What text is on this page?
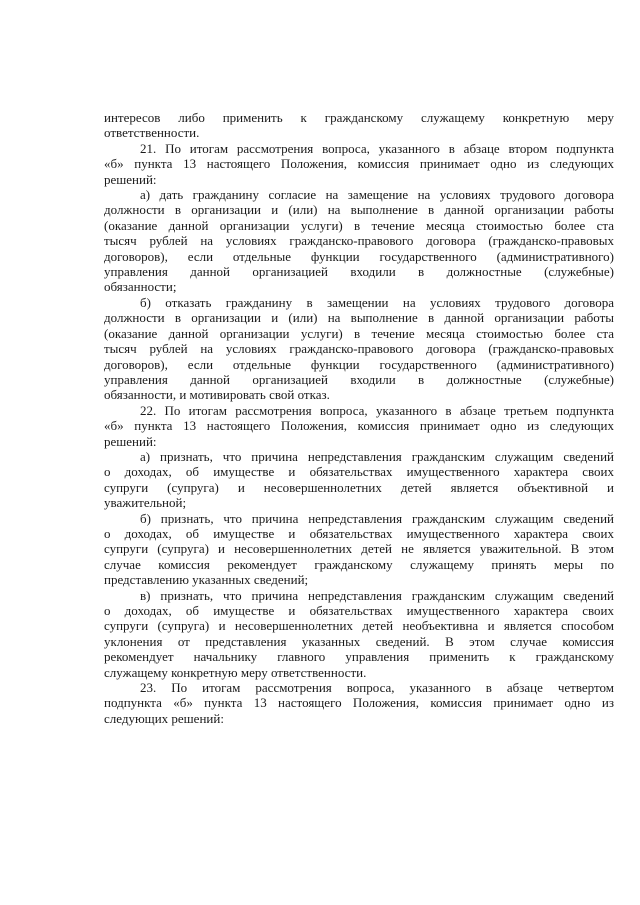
интересов либо применить к гражданскому служащему конкретную меру
ответственности.
21. По итогам рассмотрения вопроса, указанного в абзаце втором подпункта
«б» пункта 13 настоящего Положения, комиссия принимает одно из следующих
решений:
а) дать гражданину согласие на замещение на условиях трудового договора
должности в организации и (или) на выполнение в данной организации работы
(оказание данной организации услуги) в течение месяца стоимостью более ста
тысяч рублей на условиях гражданско-правового договора (гражданско-правовых
договоров), если отдельные функции государственного (административного)
управления данной организацией входили в должностные (служебные)
обязанности;
б) отказать гражданину в замещении на условиях трудового договора
должности в организации и (или) на выполнение в данной организации работы
(оказание данной организации услуги) в течение месяца стоимостью более ста
тысяч рублей на условиях гражданско-правового договора (гражданско-правовых
договоров), если отдельные функции государственного (административного)
управления данной организацией входили в должностные (служебные)
обязанности, и мотивировать свой отказ.
22. По итогам рассмотрения вопроса, указанного в абзаце третьем подпункта
«б» пункта 13 настоящего Положения, комиссия принимает одно из следующих
решений:
а) признать, что причина непредставления гражданским служащим сведений
о доходах, об имуществе и обязательствах имущественного характера своих
супруги (супруга) и несовершеннолетних детей является объективной и
уважительной;
б) признать, что причина непредставления гражданским служащим сведений
о доходах, об имуществе и обязательствах имущественного характера своих
супруги (супруга) и несовершеннолетних детей не является уважительной. В этом
случае комиссия рекомендует гражданскому служащему принять меры по
представлению указанных сведений;
в) признать, что причина непредставления гражданским служащим сведений
о доходах, об имуществе и обязательствах имущественного характера своих
супруги (супруга) и несовершеннолетних детей необъективна и является способом
уклонения от представления указанных сведений. В этом случае комиссия
рекомендует начальнику главного управления применить к гражданскому
служащему конкретную меру ответственности.
23. По итогам рассмотрения вопроса, указанного в абзаце четвертом
подпункта «б» пункта 13 настоящего Положения, комиссия принимает одно из
следующих решений:
